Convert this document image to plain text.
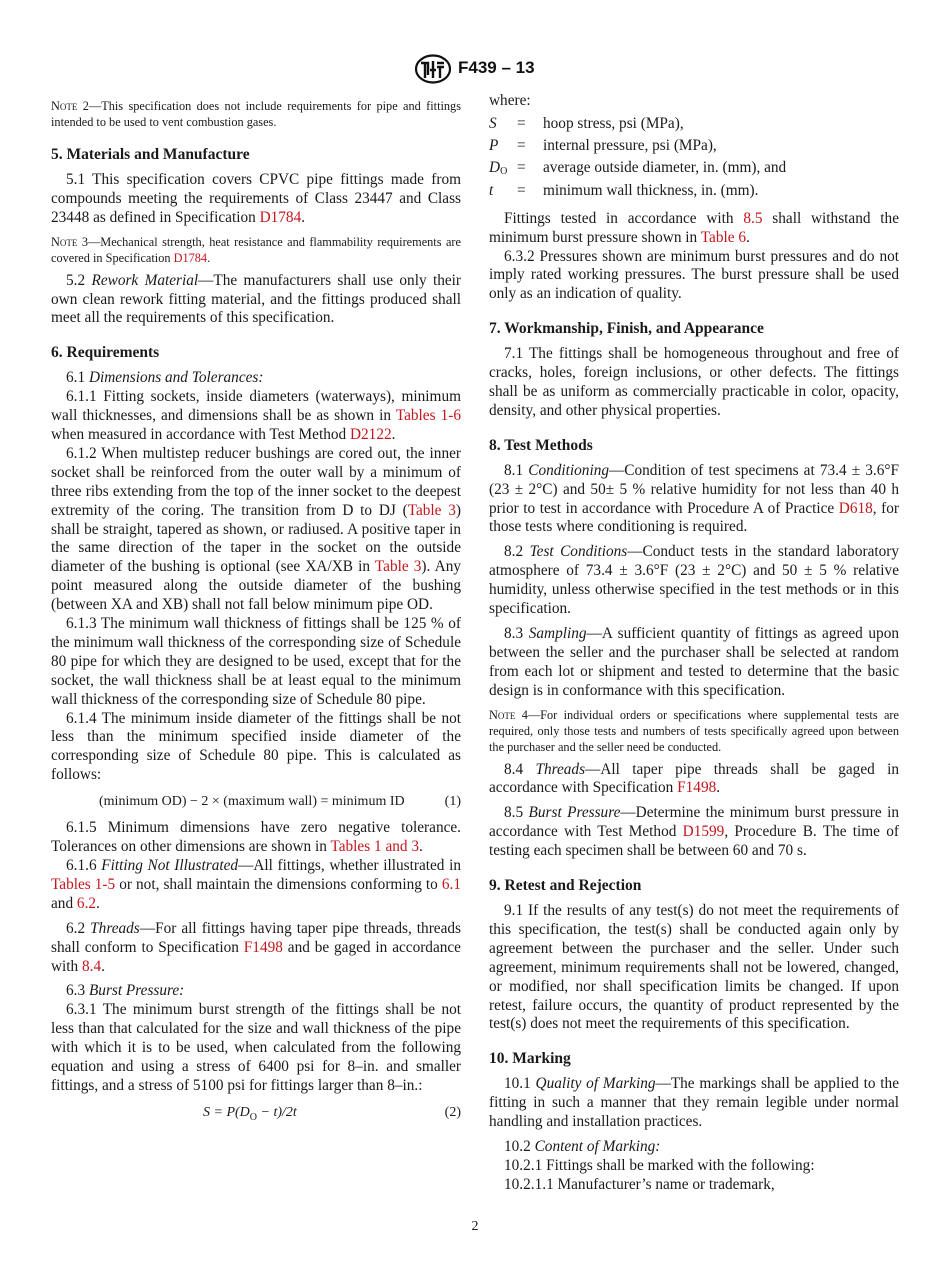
F439 – 13

Note 2—This specification does not include requirements for pipe and fittings intended to be used to vent combustion gases.

5. Materials and Manufacture

5.1 This specification covers CPVC pipe fittings made from compounds meeting the requirements of Class 23447 and Class 23448 as defined in Specification D1784.

Note 3—Mechanical strength, heat resistance and flammability requirements are covered in Specification D1784.

5.2 Rework Material—The manufacturers shall use only their own clean rework fitting material, and the fittings produced shall meet all the requirements of this specification.

6. Requirements

6.1 Dimensions and Tolerances:

6.1.1 Fitting sockets, inside diameters (waterways), minimum wall thicknesses, and dimensions shall be as shown in Tables 1-6 when measured in accordance with Test Method D2122.

6.1.2 When multistep reducer bushings are cored out, the inner socket shall be reinforced from the outer wall by a minimum of three ribs extending from the top of the inner socket to the deepest extremity of the coring. The transition from D to DJ (Table 3) shall be straight, tapered as shown, or radiused. A positive taper in the same direction of the taper in the socket on the outside diameter of the bushing is optional (see XA/XB in Table 3). Any point measured along the outside diameter of the bushing (between XA and XB) shall not fall below minimum pipe OD.

6.1.3 The minimum wall thickness of fittings shall be 125 % of the minimum wall thickness of the corresponding size of Schedule 80 pipe for which they are designed to be used, except that for the socket, the wall thickness shall be at least equal to the minimum wall thickness of the corresponding size of Schedule 80 pipe.

6.1.4 The minimum inside diameter of the fittings shall be not less than the minimum specified inside diameter of the corresponding size of Schedule 80 pipe. This is calculated as follows:

(minimum OD) − 2 × (maximum wall) = minimum ID	(1)

6.1.5 Minimum dimensions have zero negative tolerance. Tolerances on other dimensions are shown in Tables 1 and 3.

6.1.6 Fitting Not Illustrated—All fittings, whether illustrated in Tables 1-5 or not, shall maintain the dimensions conforming to 6.1 and 6.2.

6.2 Threads—For all fittings having taper pipe threads, threads shall conform to Specification F1498 and be gaged in accordance with 8.4.

6.3 Burst Pressure:

6.3.1 The minimum burst strength of the fittings shall be not less than that calculated for the size and wall thickness of the pipe with which it is to be used, when calculated from the following equation and using a stress of 6400 psi for 8–in. and smaller fittings, and a stress of 5100 psi for fittings larger than 8–in.:

$S = P(D_O - t)/2t$	(2)

where:

S	=	hoop stress, psi (MPa),
P	=	internal pressure, psi (MPa),
$D_O$ =	average outside diameter, in. (mm), and
t	=	minimum wall thickness, in. (mm).

Fittings tested in accordance with 8.5 shall withstand the minimum burst pressure shown in Table 6.

6.3.2 Pressures shown are minimum burst pressures and do not imply rated working pressures. The burst pressure shall be used only as an indication of quality.

7. Workmanship, Finish, and Appearance

7.1 The fittings shall be homogeneous throughout and free of cracks, holes, foreign inclusions, or other defects. The fittings shall be as uniform as commercially practicable in color, opacity, density, and other physical properties.

8. Test Methods

8.1 Conditioning—Condition of test specimens at 73.4 ± 3.6°F (23 ± 2°C) and 50± 5 % relative humidity for not less than 40 h prior to test in accordance with Procedure A of Practice D618, for those tests where conditioning is required.

8.2 Test Conditions—Conduct tests in the standard laboratory atmosphere of 73.4 ± 3.6°F (23 ± 2°C) and 50 ± 5 % relative humidity, unless otherwise specified in the test methods or in this specification.

8.3 Sampling—A sufficient quantity of fittings as agreed upon between the seller and the purchaser shall be selected at random from each lot or shipment and tested to determine that the basic design is in conformance with this specification.

Note 4—For individual orders or specifications where supplemental tests are required, only those tests and numbers of tests specifically agreed upon between the purchaser and the seller need be conducted.

8.4 Threads—All taper pipe threads shall be gaged in accordance with Specification F1498.

8.5 Burst Pressure—Determine the minimum burst pressure in accordance with Test Method D1599, Procedure B. The time of testing each specimen shall be between 60 and 70 s.

9. Retest and Rejection

9.1 If the results of any test(s) do not meet the requirements of this specification, the test(s) shall be conducted again only by agreement between the purchaser and the seller. Under such agreement, minimum requirements shall not be lowered, changed, or modified, nor shall specification limits be changed. If upon retest, failure occurs, the quantity of product represented by the test(s) does not meet the requirements of this specification.

10. Marking

10.1 Quality of Marking—The markings shall be applied to the fitting in such a manner that they remain legible under normal handling and installation practices.

10.2 Content of Marking:

10.2.1 Fittings shall be marked with the following:

10.2.1.1 Manufacturer’s name or trademark,

2
